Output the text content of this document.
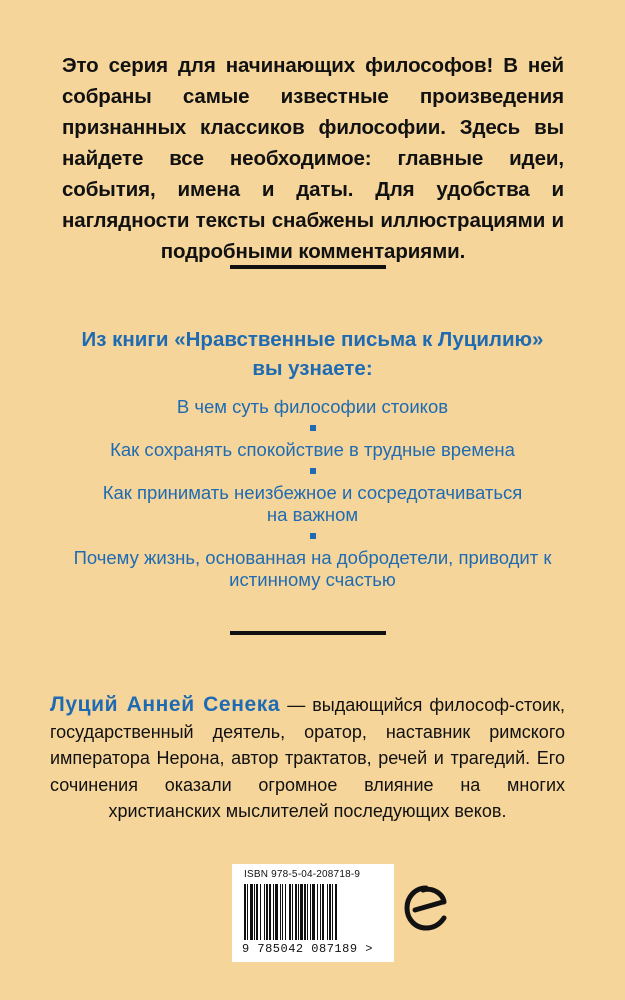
Это серия для начинающих философов! В ней собраны самые известные произведения признанных классиков философии. Здесь вы найдете все необходимое: главные идеи, события, имена и даты. Для удобства и наглядности тексты снабжены иллюстрациями и подробными комментариями.
Из книги «Нравственные письма к Луцилию»
вы узнаете:
В чем суть философии стоиков
Как сохранять спокойствие в трудные времена
Как принимать неизбежное и сосредотачиваться на важном
Почему жизнь, основанная на добродетели, приводит к истинному счастью
Луций Анней Сенека — выдающийся философ-стоик, государственный деятель, оратор, наставник римского императора Нерона, автор трактатов, речей и трагедий. Его сочинения оказали огромное влияние на многих христианских мыслителей последующих веков.
ISBN 978-5-04-208718-9
9 785042 087189 >
